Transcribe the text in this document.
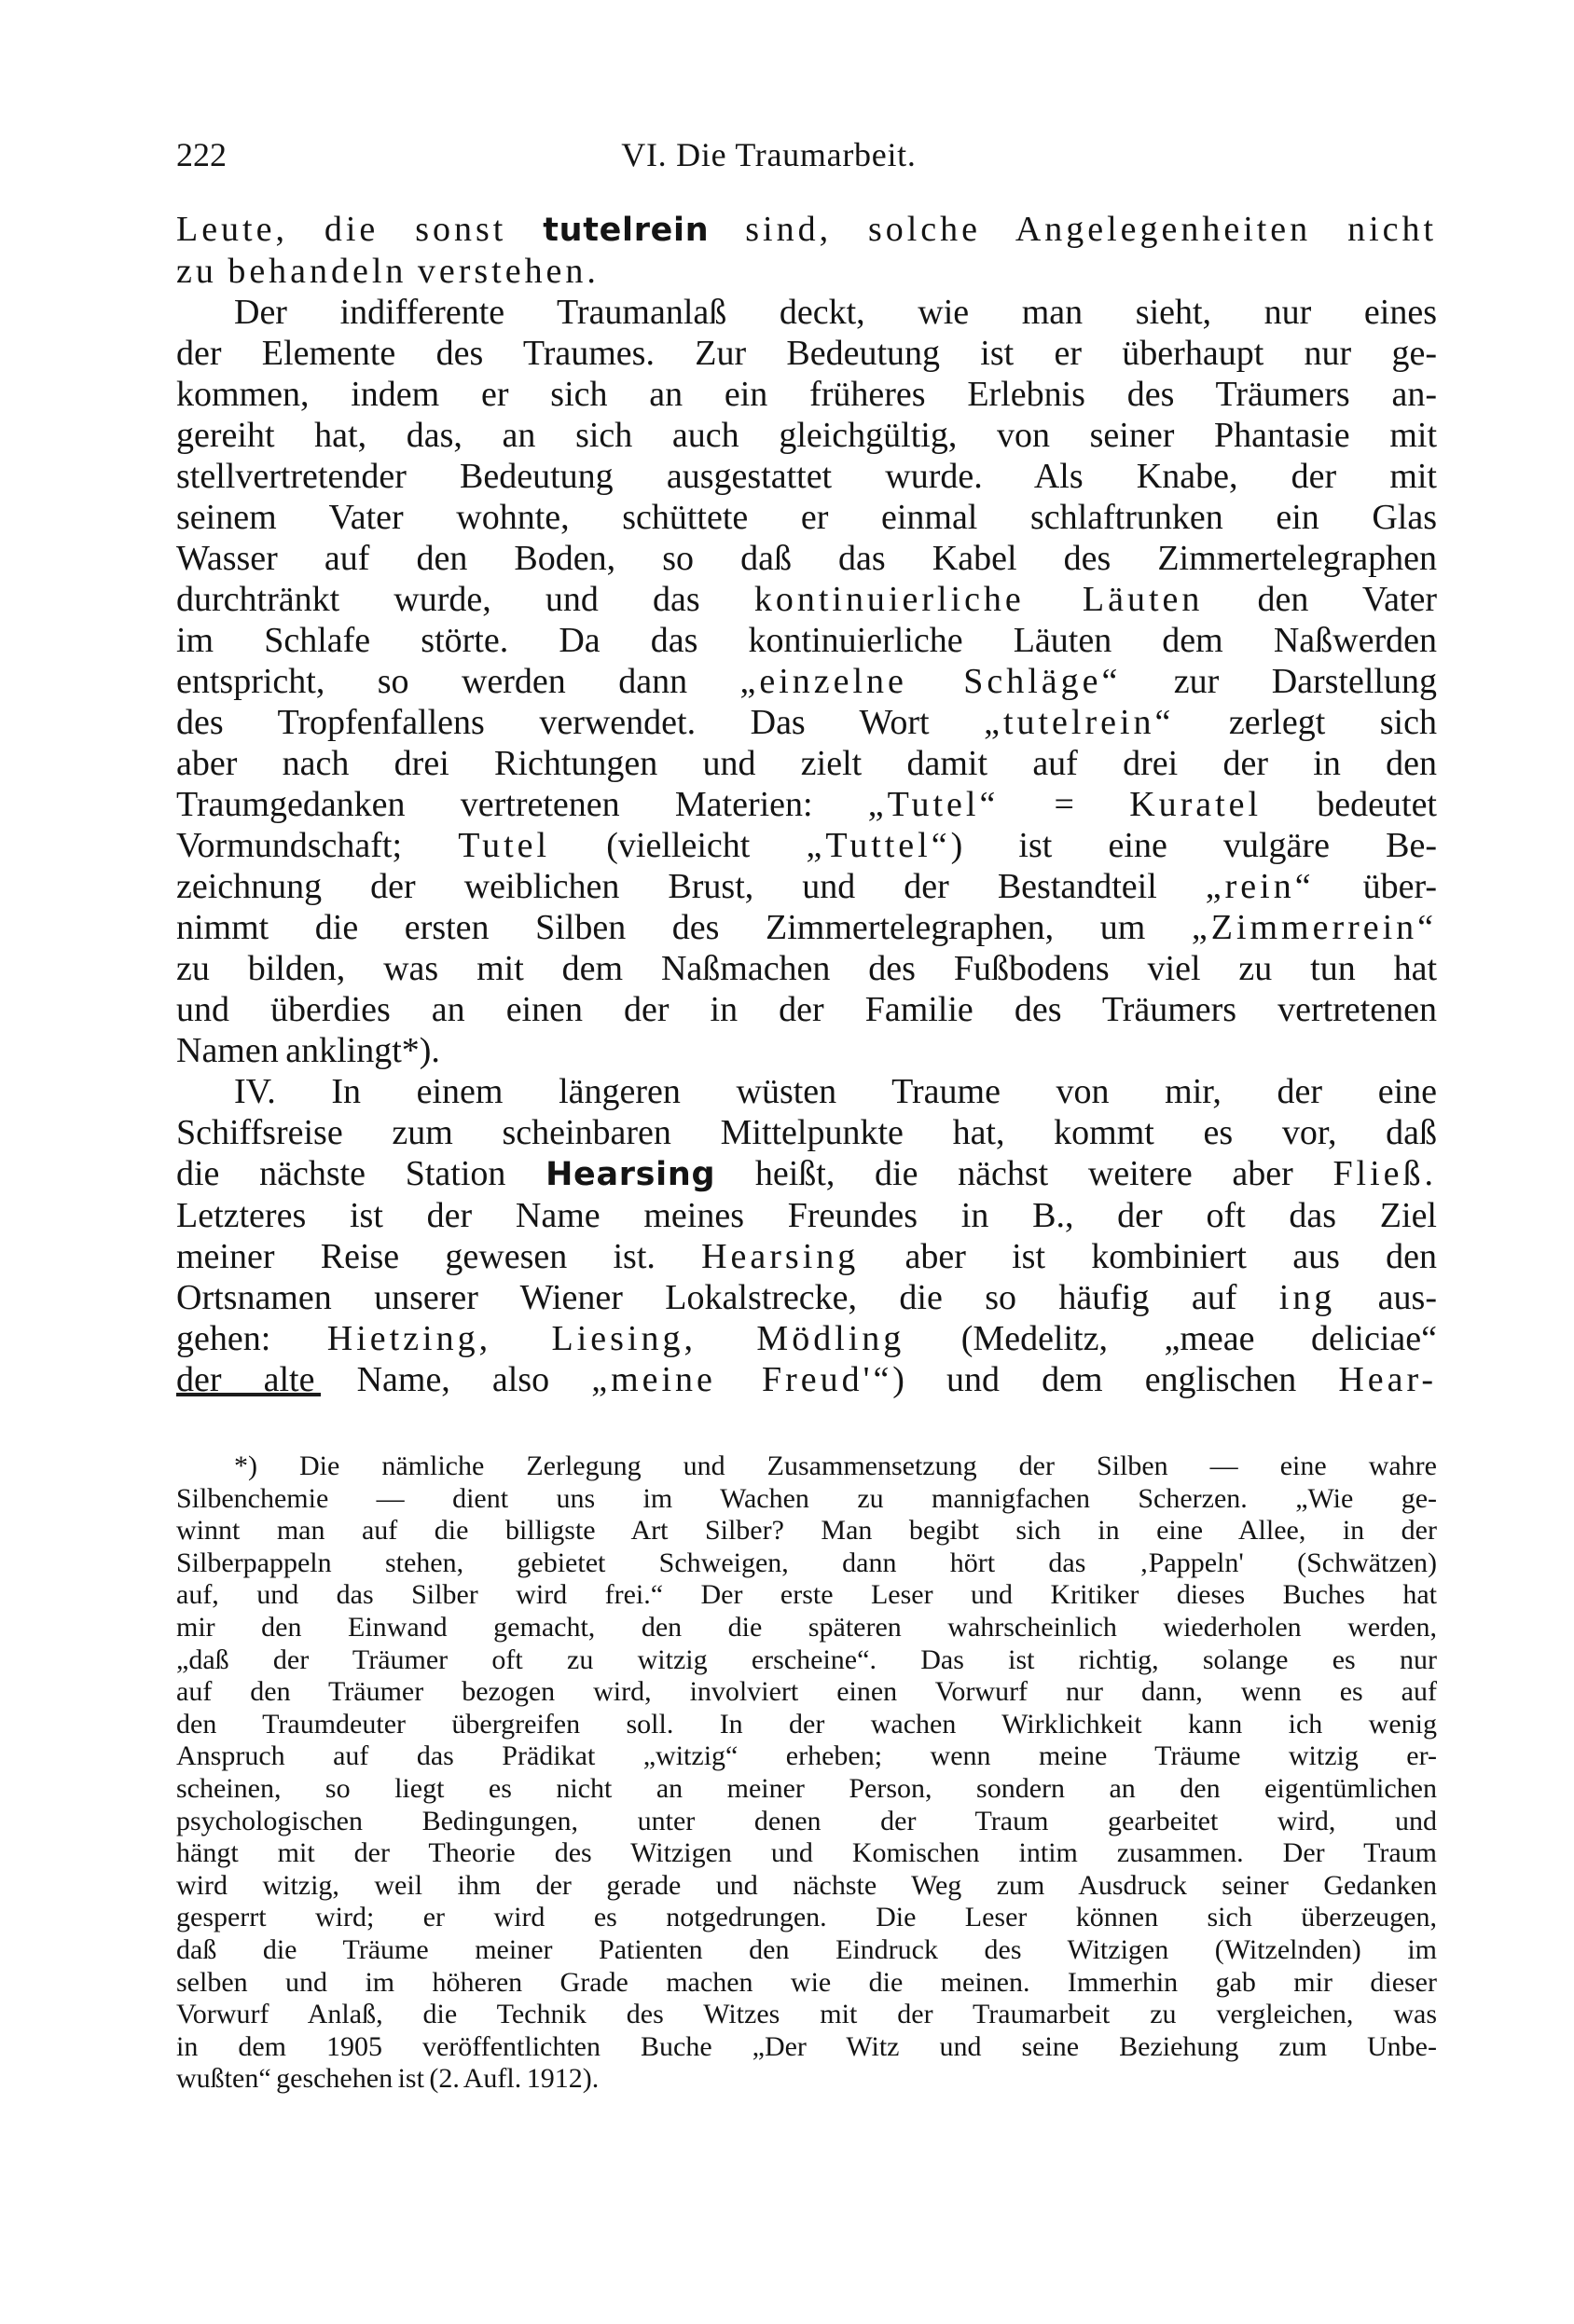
222	VI. Die Traumarbeit.
Leute, die sonst tutelrein sind, solche Angelegenheiten nicht
zu behandeln verstehen.
Der indifferente Traumanlaß deckt, wie man sieht, nur eines
der Elemente des Traumes. Zur Bedeutung ist er überhaupt nur ge-
kommen, indem er sich an ein früheres Erlebnis des Träumers an-
gereiht hat, das, an sich auch gleichgültig, von seiner Phantasie mit
stellvertretender Bedeutung ausgestattet wurde. Als Knabe, der mit
seinem Vater wohnte, schüttete er einmal schlaftrunken ein Glas
Wasser auf den Boden, so daß das Kabel des Zimmertelegraphen
durchtränkt wurde, und das kontinuierliche Läuten den Vater
im Schlafe störte. Da das kontinuierliche Läuten dem Naßwerden
entspricht, so werden dann „einzelne Schläge“ zur Darstellung
des Tropfenfallens verwendet. Das Wort „tutelrein“ zerlegt sich
aber nach drei Richtungen und zielt damit auf drei der in den
Traumgedanken vertretenen Materien: „Tutel“ = Kuratel bedeutet
Vormundschaft; Tutel (vielleicht „Tuttel“) ist eine vulgäre Be-
zeichnung der weiblichen Brust, und der Bestandteil „rein“ über-
nimmt die ersten Silben des Zimmertelegraphen, um „Zimmerrein“
zu bilden, was mit dem Naßmachen des Fußbodens viel zu tun hat
und überdies an einen der in der Familie des Träumers vertretenen
Namen anklingt*).
IV. In einem längeren wüsten Traume von mir, der eine
Schiffsreise zum scheinbaren Mittelpunkte hat, kommt es vor, daß
die nächste Station Hearsing heißt, die nächst weitere aber Fließ.
Letzteres ist der Name meines Freundes in B., der oft das Ziel
meiner Reise gewesen ist. Hearsing aber ist kombiniert aus den
Ortsnamen unserer Wiener Lokalstrecke, die so häufig auf ing aus-
gehen: Hietzing, Liesing, Mödling (Medelitz, „meae deliciae“
der alte Name, also „meine Freud'“) und dem englischen Hear-
*) Die nämliche Zerlegung und Zusammensetzung der Silben — eine wahre
Silbenchemie — dient uns im Wachen zu mannigfachen Scherzen. „Wie ge-
winnt man auf die billigste Art Silber? Man begibt sich in eine Allee, in der
Silberpappeln stehen, gebietet Schweigen, dann hört das ‚Pappeln' (Schwätzen)
auf, und das Silber wird frei.“ Der erste Leser und Kritiker dieses Buches hat
mir den Einwand gemacht, den die späteren wahrscheinlich wiederholen werden,
„daß der Träumer oft zu witzig erscheine“. Das ist richtig, solange es nur
auf den Träumer bezogen wird, involviert einen Vorwurf nur dann, wenn es auf
den Traumdeuter übergreifen soll. In der wachen Wirklichkeit kann ich wenig
Anspruch auf das Prädikat „witzig“ erheben; wenn meine Träume witzig er-
scheinen, so liegt es nicht an meiner Person, sondern an den eigentümlichen
psychologischen Bedingungen, unter denen der Traum gearbeitet wird, und
hängt mit der Theorie des Witzigen und Komischen intim zusammen. Der Traum
wird witzig, weil ihm der gerade und nächste Weg zum Ausdruck seiner Gedanken
gesperrt wird; er wird es notgedrungen. Die Leser können sich überzeugen,
daß die Träume meiner Patienten den Eindruck des Witzigen (Witzelnden) im
selben und im höheren Grade machen wie die meinen. Immerhin gab mir dieser
Vorwurf Anlaß, die Technik des Witzes mit der Traumarbeit zu vergleichen, was
in dem 1905 veröffentlichten Buche „Der Witz und seine Beziehung zum Unbe-
wußten“ geschehen ist (2. Aufl. 1912).
